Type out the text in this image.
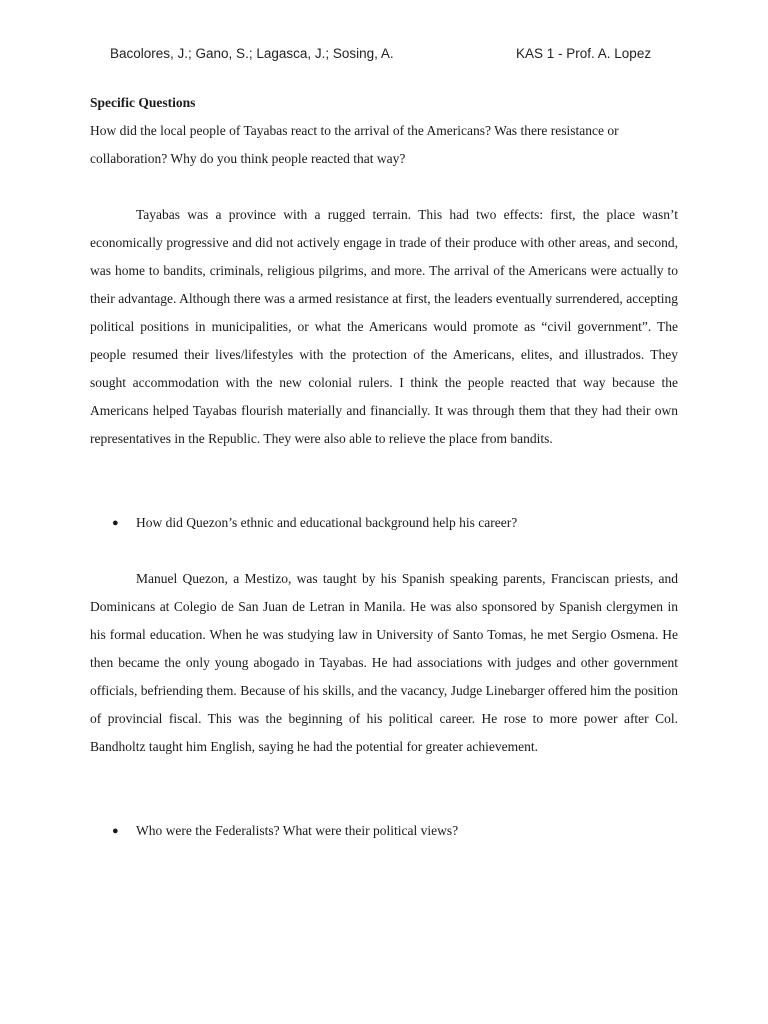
Bacolores, J.; Gano, S.; Lagasca, J.; Sosing, A.	KAS 1 - Prof. A. Lopez
Specific Questions
How did the local people of Tayabas react to the arrival of the Americans? Was there resistance or collaboration? Why do you think people reacted that way?
Tayabas was a province with a rugged terrain. This had two effects: first, the place wasn’t economically progressive and did not actively engage in trade of their produce with other areas, and second, was home to bandits, criminals, religious pilgrims, and more. The arrival of the Americans were actually to their advantage. Although there was a armed resistance at first, the leaders eventually surrendered, accepting political positions in municipalities, or what the Americans would promote as “civil government”. The people resumed their lives/lifestyles with the protection of the Americans, elites, and illustrados. They sought accommodation with the new colonial rulers. I think the people reacted that way because the Americans helped Tayabas flourish materially and financially. It was through them that they had their own representatives in the Republic. They were also able to relieve the place from bandits.
● How did Quezon’s ethnic and educational background help his career?
Manuel Quezon, a Mestizo, was taught by his Spanish speaking parents, Franciscan priests, and Dominicans at Colegio de San Juan de Letran in Manila. He was also sponsored by Spanish clergymen in his formal education. When he was studying law in University of Santo Tomas, he met Sergio Osmena. He then became the only young abogado in Tayabas. He had associations with judges and other government officials, befriending them. Because of his skills, and the vacancy, Judge Linebarger offered him the position of provincial fiscal. This was the beginning of his political career. He rose to more power after Col. Bandholtz taught him English, saying he had the potential for greater achievement.
● Who were the Federalists? What were their political views?
